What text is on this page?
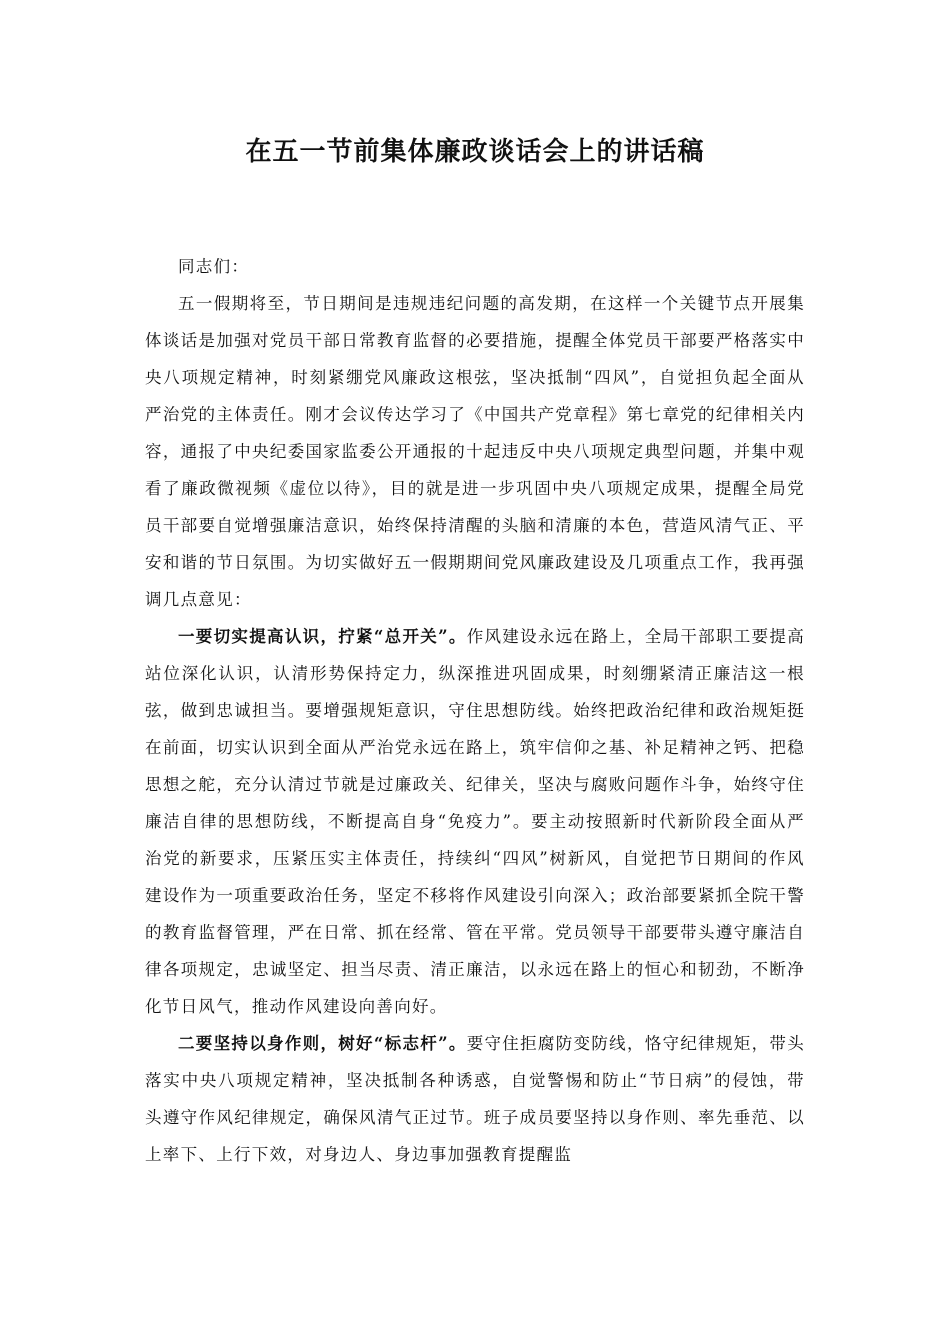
在五一节前集体廉政谈话会上的讲话稿

同志们：

五一假期将至，节日期间是违规违纪问题的高发期，在这样一个关键节点开展集体谈话是加强对党员干部日常教育监督的必要措施，提醒全体党员干部要严格落实中央八项规定精神，时刻紧绷党风廉政这根弦，坚决抵制“四风”，自觉担负起全面从严治党的主体责任。刚才会议传达学习了《中国共产党章程》第七章党的纪律相关内容，通报了中央纪委国家监委公开通报的十起违反中央八项规定典型问题，并集中观看了廉政微视频《虚位以待》，目的就是进一步巩固中央八项规定成果，提醒全局党员干部要自觉增强廉洁意识，始终保持清醒的头脑和清廉的本色，营造风清气正、平安和谐的节日氛围。为切实做好五一假期期间党风廉政建设及几项重点工作，我再强调几点意见：

一要切实提高认识，拧紧“总开关”。作风建设永远在路上，全局干部职工要提高站位深化认识，认清形势保持定力，纵深推进巩固成果，时刻绷紧清正廉洁这一根弦，做到忠诚担当。要增强规矩意识，守住思想防线。始终把政治纪律和政治规矩挺在前面，切实认识到全面从严治党永远在路上，筑牢信仰之基、补足精神之钙、把稳思想之舵，充分认清过节就是过廉政关、纪律关，坚决与腐败问题作斗争，始终守住廉洁自律的思想防线，不断提高自身“免疫力”。要主动按照新时代新阶段全面从严治党的新要求，压紧压实主体责任，持续纠“四风”树新风，自觉把节日期间的作风建设作为一项重要政治任务，坚定不移将作风建设引向深入；政治部要紧抓全院干警的教育监督管理，严在日常、抓在经常、管在平常。党员领导干部要带头遵守廉洁自律各项规定，忠诚坚定、担当尽责、清正廉洁，以永远在路上的恒心和韧劲，不断净化节日风气，推动作风建设向善向好。

二要坚持以身作则，树好“标志杆”。要守住拒腐防变防线，恪守纪律规矩，带头落实中央八项规定精神，坚决抵制各种诱惑，自觉警惕和防止“节日病”的侵蚀，带头遵守作风纪律规定，确保风清气正过节。班子成员要坚持以身作则、率先垂范、以上率下、上行下效，对身边人、身边事加强教育提醒监
